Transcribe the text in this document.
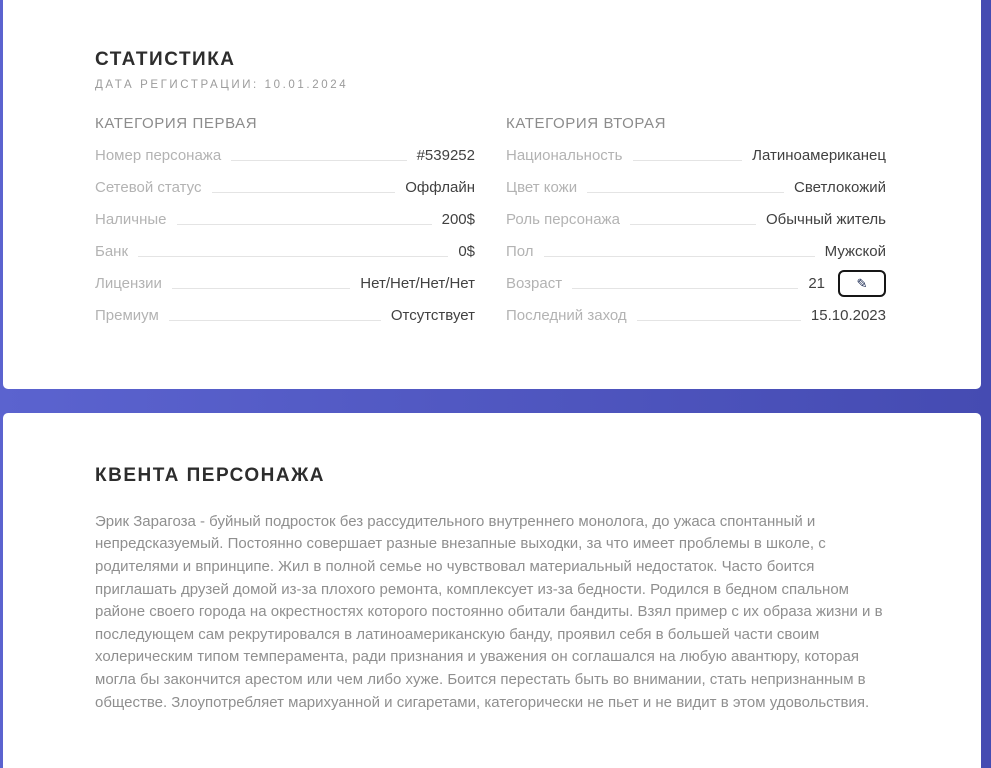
СТАТИСТИКА
ДАТА РЕГИСТРАЦИИ: 10.01.2024
КАТЕГОРИЯ ПЕРВАЯ
Номер персонажа	#539252
Сетевой статус	Оффлайн
Наличные	200$
Банк	0$
Лицензии	Нет/Нет/Нет/Нет
Премиум	Отсутствует
КАТЕГОРИЯ ВТОРАЯ
Национальность	Латиноамериканец
Цвет кожи	Светлокожий
Роль персонажа	Обычный житель
Пол	Мужской
Возраст	21 ✎
Последний заход	15.10.2023
КВЕНТА ПЕРСОНАЖА

Эрик Зарагоза - буйный подросток без рассудительного внутреннего монолога, до ужаса спонтанный и непредсказуемый. Постоянно совершает разные внезапные выходки, за что имеет проблемы в школе, с родителями и впринципе. Жил в полной семье но чувствовал материальный недостаток. Часто боится приглашать друзей домой из-за плохого ремонта, комплексует из-за бедности. Родился в бедном спальном районе своего города на окрестностях которого постоянно обитали бандиты. Взял пример с их образа жизни и в последующем сам рекрутировался в латиноамериканскую банду, проявил себя в большей части своим холерическим типом темперамента, ради признания и уважения он соглашался на любую авантюру, которая могла бы закончится арестом или чем либо хуже. Боится перестать быть во внимании, стать непризнанным в обществе. Злоупотребляет марихуанной и сигаретами, категорически не пьет и не видит в этом удовольствия.
